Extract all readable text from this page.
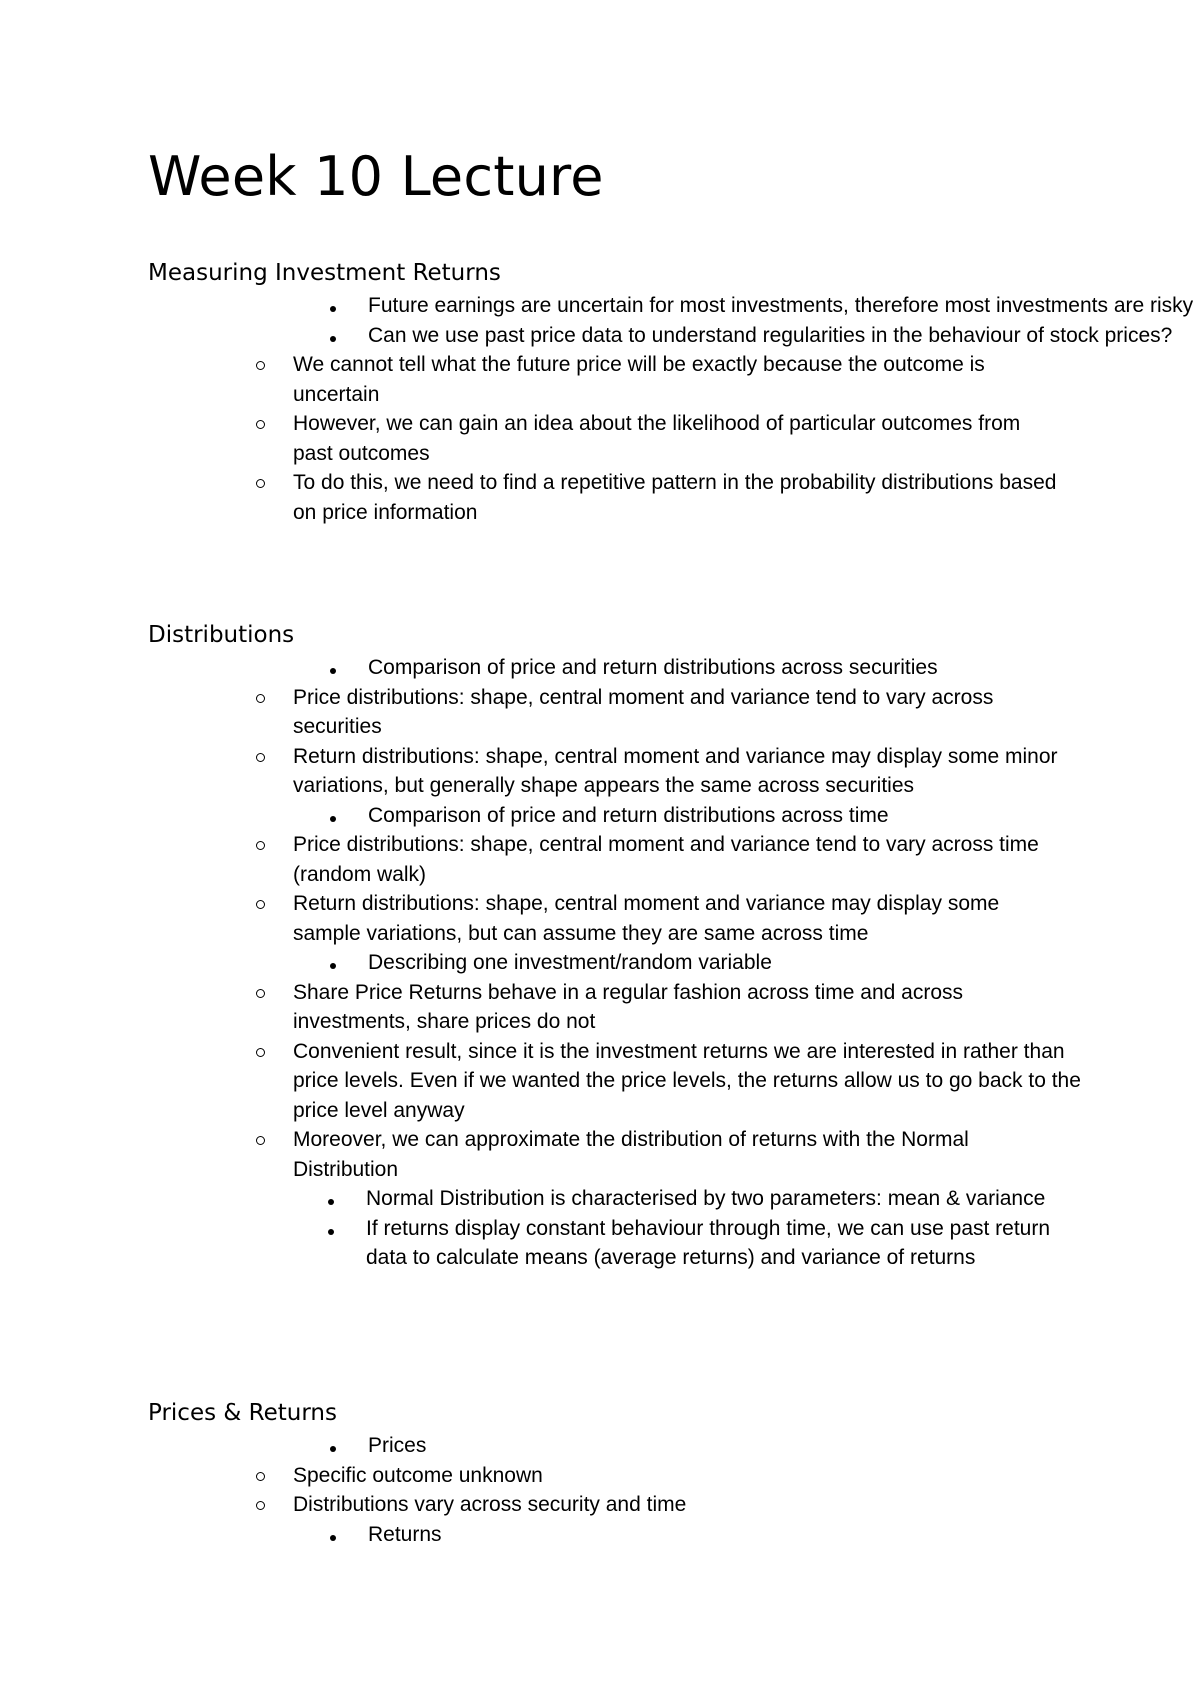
Week 10 Lecture
Measuring Investment Returns
Future earnings are uncertain for most investments, therefore most investments are risky
Can we use past price data to understand regularities in the behaviour of stock prices?
We cannot tell what the future price will be exactly because the outcome is uncertain
However, we can gain an idea about the likelihood of particular outcomes from past outcomes
To do this, we need to find a repetitive pattern in the probability distributions based on price information
Distributions
Comparison of price and return distributions across securities
Price distributions: shape, central moment and variance tend to vary across securities
Return distributions: shape, central moment and variance may display some minor variations, but generally shape appears the same across securities
Comparison of price and return distributions across time
Price distributions: shape, central moment and variance tend to vary across time (random walk)
Return distributions: shape, central moment and variance may display some sample variations, but can assume they are same across time
Describing one investment/random variable
Share Price Returns behave in a regular fashion across time and across investments, share prices do not
Convenient result, since it is the investment returns we are interested in rather than price levels. Even if we wanted the price levels, the returns allow us to go back to the price level anyway
Moreover, we can approximate the distribution of returns with the Normal Distribution
Normal Distribution is characterised by two parameters: mean & variance
If returns display constant behaviour through time, we can use past return data to calculate means (average returns) and variance of returns
Prices & Returns
Prices
Specific outcome unknown
Distributions vary across security and time
Returns
